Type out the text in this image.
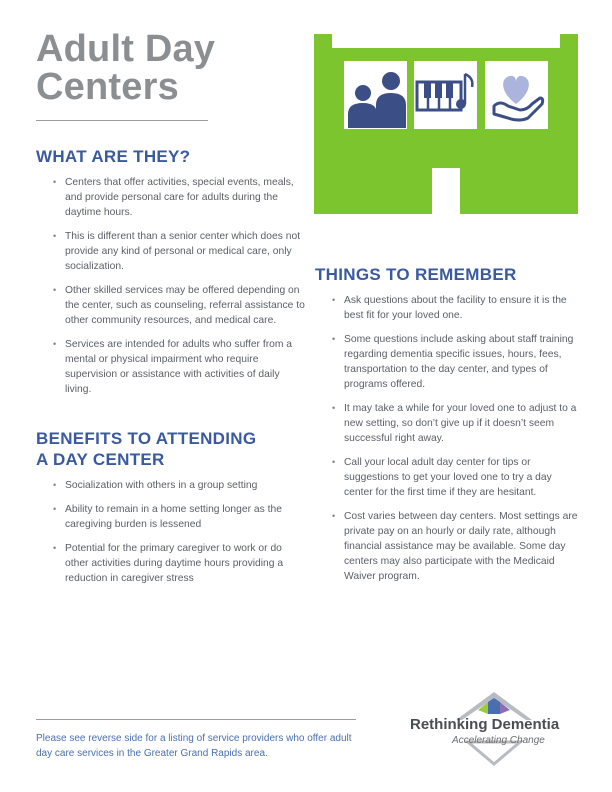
Adult Day
Centers
WHAT ARE THEY?
• Centers that offer activities, special events, meals, and provide personal care for adults during the daytime hours.
• This is different than a senior center which does not provide any kind of personal or medical care, only socialization.
• Other skilled services may be offered depending on the center, such as counseling, referral assistance to other community resources, and medical care.
• Services are intended for adults who suffer from a mental or physical impairment who require supervision or assistance with activities of daily living.
BENEFITS TO ATTENDING
A DAY CENTER
• Socialization with others in a group setting
• Ability to remain in a home setting longer as the caregiving burden is lessened
• Potential for the primary caregiver to work or do other activities during daytime hours providing a reduction in caregiver stress
THINGS TO REMEMBER
• Ask questions about the facility to ensure it is the best fit for your loved one.
• Some questions include asking about staff training regarding dementia specific issues, hours, fees, transportation to the day center, and types of programs offered.
• It may take a while for your loved one to adjust to a new setting, so don’t give up if it doesn’t seem successful right away.
• Call your local adult day center for tips or suggestions to get your loved one to try a day center for the first time if they are hesitant.
• Cost varies between day centers. Most settings are private pay on an hourly or daily rate, although financial assistance may be available. Some day centers may also participate with the Medicaid Waiver program.

Please see reverse side for a listing of service providers who offer adult day care services in the Greater Grand Rapids area.

Rethinking Dementia

Accelerating Change
